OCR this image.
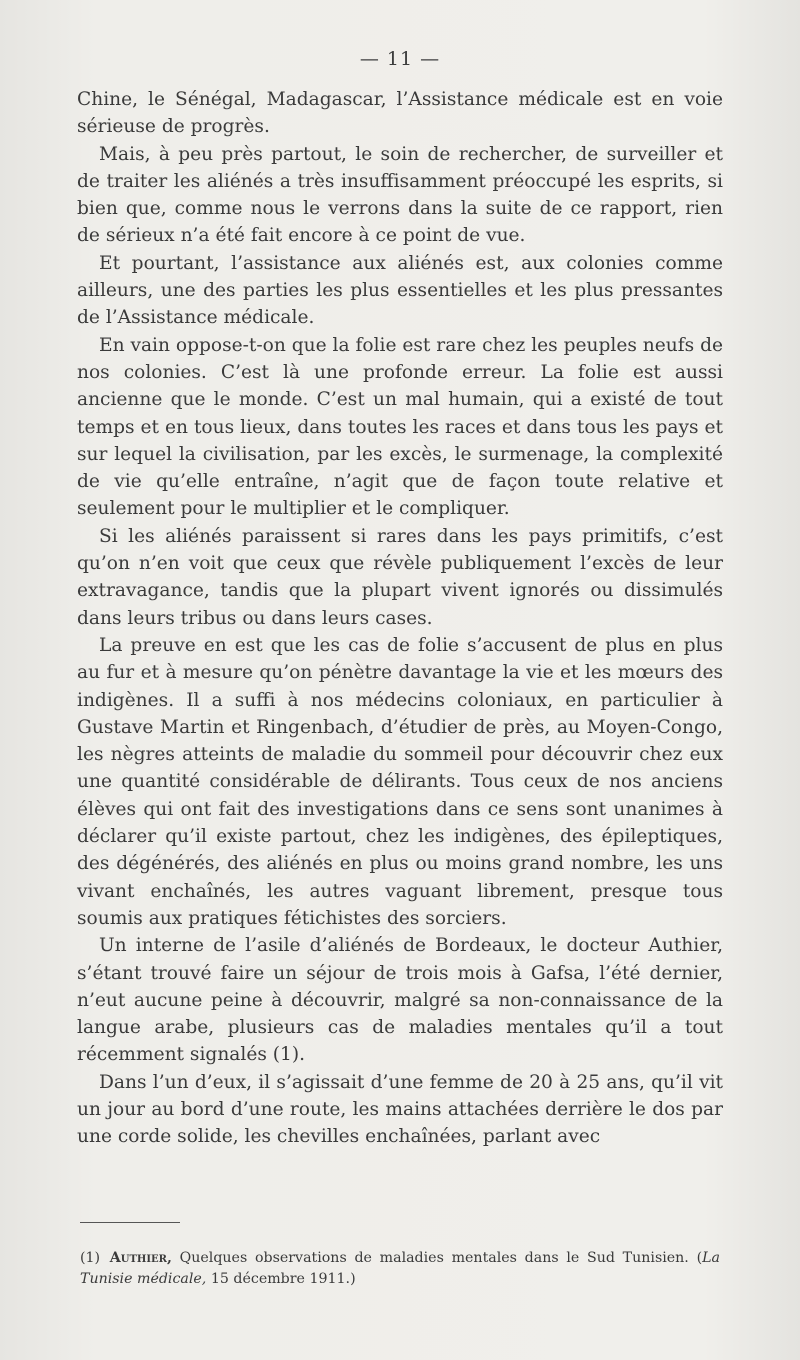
— 11 —

Chine, le Sénégal, Madagascar, l’Assistance médicale est en voie sérieuse de progrès.

Mais, à peu près partout, le soin de rechercher, de surveiller et de traiter les aliénés a très insuffisamment préoccupé les esprits, si bien que, comme nous le verrons dans la suite de ce rapport, rien de sérieux n’a été fait encore à ce point de vue.

Et pourtant, l’assistance aux aliénés est, aux colonies comme ailleurs, une des parties les plus essentielles et les plus pressantes de l’Assistance médicale.

En vain oppose-t-on que la folie est rare chez les peuples neufs de nos colonies. C’est là une profonde erreur. La folie est aussi ancienne que le monde. C’est un mal humain, qui a existé de tout temps et en tous lieux, dans toutes les races et dans tous les pays et sur lequel la civilisation, par les excès, le surmenage, la complexité de vie qu’elle entraîne, n’agit que de façon toute relative et seulement pour le multiplier et le compliquer.

Si les aliénés paraissent si rares dans les pays primitifs, c’est qu’on n’en voit que ceux que révèle publiquement l’excès de leur extravagance, tandis que la plupart vivent ignorés ou dissimulés dans leurs tribus ou dans leurs cases.

La preuve en est que les cas de folie s’accusent de plus en plus au fur et à mesure qu’on pénètre davantage la vie et les mœurs des indigènes. Il a suffi à nos médecins coloniaux, en particulier à Gustave Martin et Ringenbach, d’étudier de près, au Moyen-Congo, les nègres atteints de maladie du sommeil pour découvrir chez eux une quantité considérable de délirants. Tous ceux de nos anciens élèves qui ont fait des investigations dans ce sens sont unanimes à déclarer qu’il existe partout, chez les indigènes, des épileptiques, des dégénérés, des aliénés en plus ou moins grand nombre, les uns vivant enchaînés, les autres vaguant librement, presque tous soumis aux pratiques fétichistes des sorciers.

Un interne de l’asile d’aliénés de Bordeaux, le docteur Authier, s’étant trouvé faire un séjour de trois mois à Gafsa, l’été dernier, n’eut aucune peine à découvrir, malgré sa non-connaissance de la langue arabe, plusieurs cas de maladies mentales qu’il a tout récemment signalés (1).

Dans l’un d’eux, il s’agissait d’une femme de 20 à 25 ans, qu’il vit un jour au bord d’une route, les mains attachées derrière le dos par une corde solide, les chevilles enchaînées, parlant avec

(1) Authier, Quelques observations de maladies mentales dans le Sud Tunisien. (La Tunisie médicale, 15 décembre 1911.)
